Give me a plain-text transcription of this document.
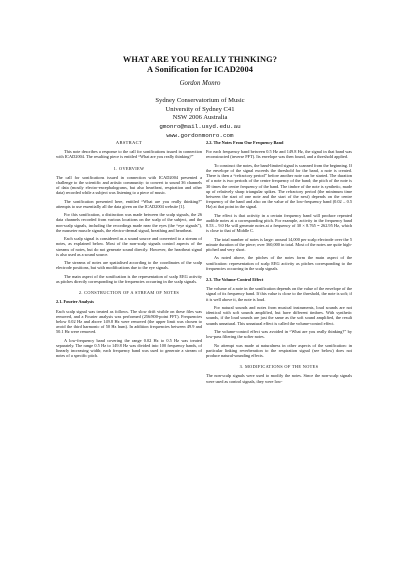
WHAT ARE YOU REALLY THINKING?
A Sonification for ICAD2004
Gordon Monro
Sydney Conservatorium of Music
University of Sydney C41
NSW 2006 Australia
gmonro@mail.usyd.edu.au
www.gordonmonro.com
ABSTRACT

This note describes a response to the call for sonifications issued in connection with ICAD2004. The resulting piece is entitled “What are you really thinking?”

1. OVERVIEW

The call for sonifications issued in connection with ICAD2004 presented a challenge to the scientific and artistic community: to convert to sound 36 channels of data (mostly electro-encephalograms, but also heartbeat, respiration and other data) recorded while a subject was listening to a piece of music.

The sonification presented here, entitled “What are you really thinking?” attempts to use essentially all the data given on the ICAD2004 website [1].

For this sonification, a distinction was made between the scalp signals, the 26 data channels recorded from various locations on the scalp of the subject, and the non-scalp signals, including the recordings made near the eyes (the “eye signals”), the masseter muscle signals, the electro-dermal signal, breathing and heartbeat.

Each scalp signal is considered as a sound source and converted to a stream of notes, as explained below. Most of the non-scalp signals control aspects of the streams of notes, but do not generate sound directly. However, the heartbeat signal is also used as a sound source.

The streams of notes are spatialised according to the coordinates of the scalp electrode positions, but with modifications due to the eye signals.

The main aspect of the sonification is the representation of scalp EEG activity as pitches directly corresponding to the frequencies occurring in the scalp signals.

2. CONSTRUCTION OF A STREAM OF NOTES
2.1. Fourier Analysis

Each scalp signal was treated as follows. The slow drift visible on these files was removed, and a Fourier analysis was performed (256/800-point FFT). Frequencies below 0.02 Hz and above 149.8 Hz were removed (the upper limit was chosen to avoid the third harmonic of 50 Hz hum). In addition frequencies between 49.9 and 50.1 Hz were removed.

A low-frequency band covering the range 0.02 Hz to 0.5 Hz was treated separately. The range 0.5 Hz to 149.8 Hz was divided into 100 frequency bands, of linearly increasing width; each frequency band was used to generate a stream of notes of a specific pitch.

2.2. The Notes From One Frequency Band

For each frequency band between 0.5 Hz and 149.8 Hz, the signal in that band was reconstructed (inverse FFT). Its envelope was then found, and a threshold applied.

To construct the notes, the band-limited signal is scanned from the beginning. If the envelope of the signal exceeds the threshold for the band, a note is created. There is then a “refractory period” before another note can be started. The duration of a note is two periods of the centre frequency of the band; the pitch of the note is 30 times the centre frequency of the band. The timbre of the note is synthetic, made up of relatively sharp triangular spikes. The refractory period (the minimum time between the start of one note and the start of the next) depends on the centre frequency of the band and also on the value of the low-frequency band (0.02 – 0.5 Hz) at that point in the signal.

The effect is that activity in a certain frequency band will produce repeated audible notes at a corresponding pitch. For example, activity in the frequency band 8.53 – 9.0 Hz will generate notes at a frequency of 30 × 8.765 = 262.95 Hz, which is close to that of Middle C.

The total number of notes is large: around 14,000 per scalp electrode over the 5 minute duration of the piece; over 360,000 in total. Most of the notes are quite high-pitched and very short.

As noted above, the pitches of the notes form the main aspect of the sonification: representation of scalp EEG activity as pitches corresponding to the frequencies occurring in the scalp signals.

2.3. The Volume-Control Effect

The volume of a note in the sonification depends on the value of the envelope of the signal of its frequency band. If this value is close to the threshold, the note is soft; if it is well above it, the note is loud.

For natural sounds and notes from musical instruments, loud sounds are not identical with soft sounds amplified, but have different timbres. With synthetic sounds, if the loud sounds are just the same as the soft sound amplified, the result sounds unnatural. This unnatural effect is called the volume-control effect.

The volume-control effect was avoided in “What are you really thinking?” by low-pass filtering the softer notes.

No attempt was made at naturalness in other aspects of the sonification: in particular linking reverberation to the respiration signal (see below) does not produce natural-sounding effects.

3. MODIFICATIONS OF THE NOTES

The non-scalp signals were used to modify the notes. Since the non-scalp signals were used as control signals, they were low-
